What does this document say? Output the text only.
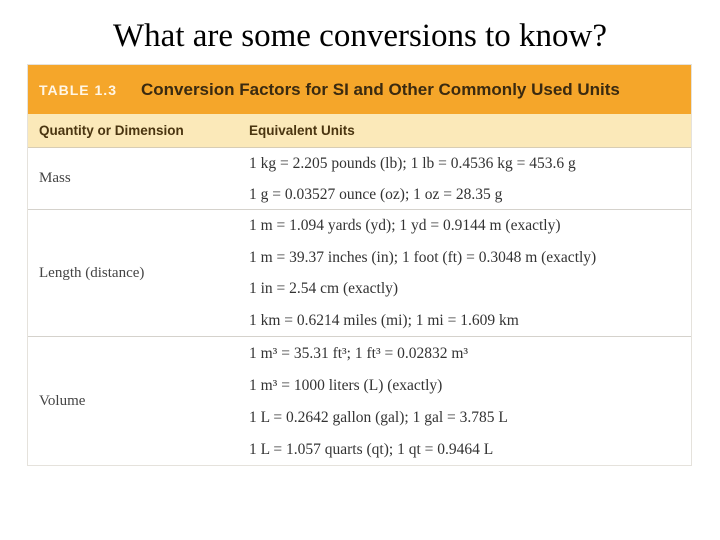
What are some conversions to know?
TABLE 1.3 Conversion Factors for SI and Other Commonly Used Units
Quantity or Dimension	Equivalent Units
Mass
1 kg = 2.205 pounds (lb); 1 lb = 0.4536 kg = 453.6 g
1 g = 0.03527 ounce (oz); 1 oz = 28.35 g
Length (distance)
1 m = 1.094 yards (yd); 1 yd = 0.9144 m (exactly)
1 m = 39.37 inches (in); 1 foot (ft) = 0.3048 m (exactly)
1 in = 2.54 cm (exactly)
1 km = 0.6214 miles (mi); 1 mi = 1.609 km
Volume
1 m³ = 35.31 ft³; 1 ft³ = 0.02832 m³
1 m³ = 1000 liters (L) (exactly)
1 L = 0.2642 gallon (gal); 1 gal = 3.785 L
1 L = 1.057 quarts (qt); 1 qt = 0.9464 L
